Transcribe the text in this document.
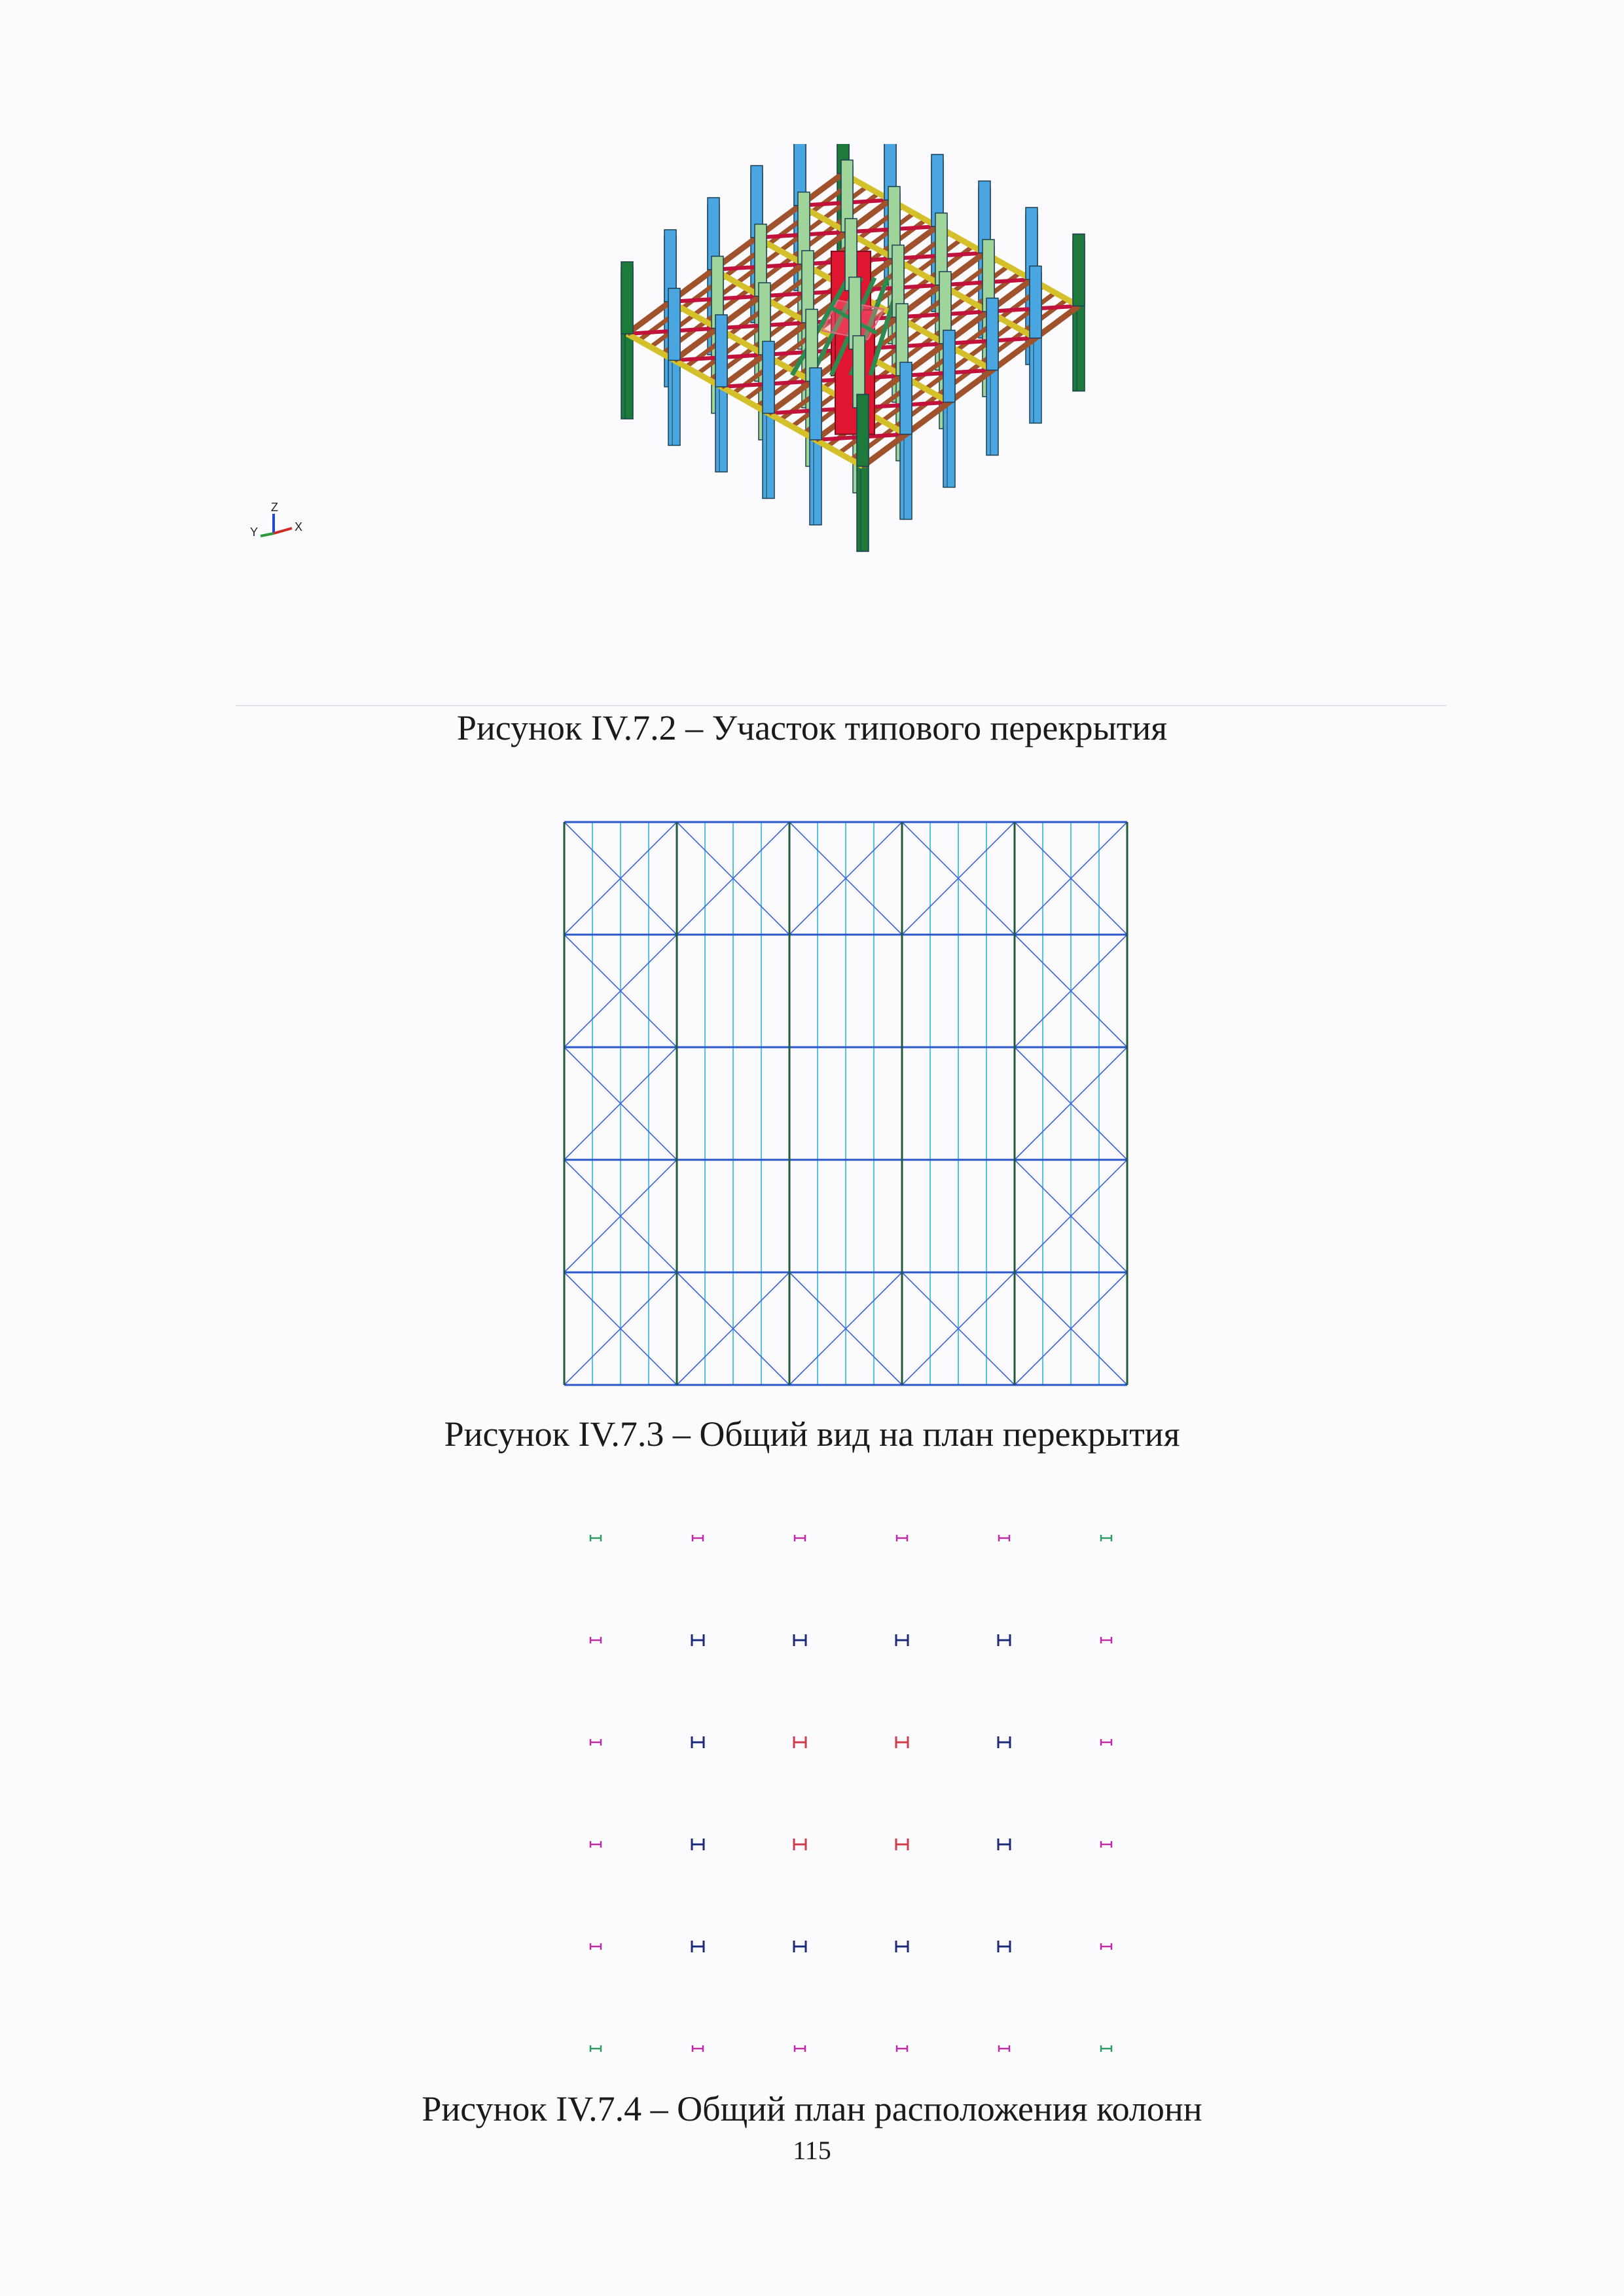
Z
X
Y
Рисунок IV.7.2 – Участок типового перекрытия
Рисунок IV.7.3 – Общий вид на план перекрытия
Рисунок IV.7.4 – Общий план расположения колонн
115
